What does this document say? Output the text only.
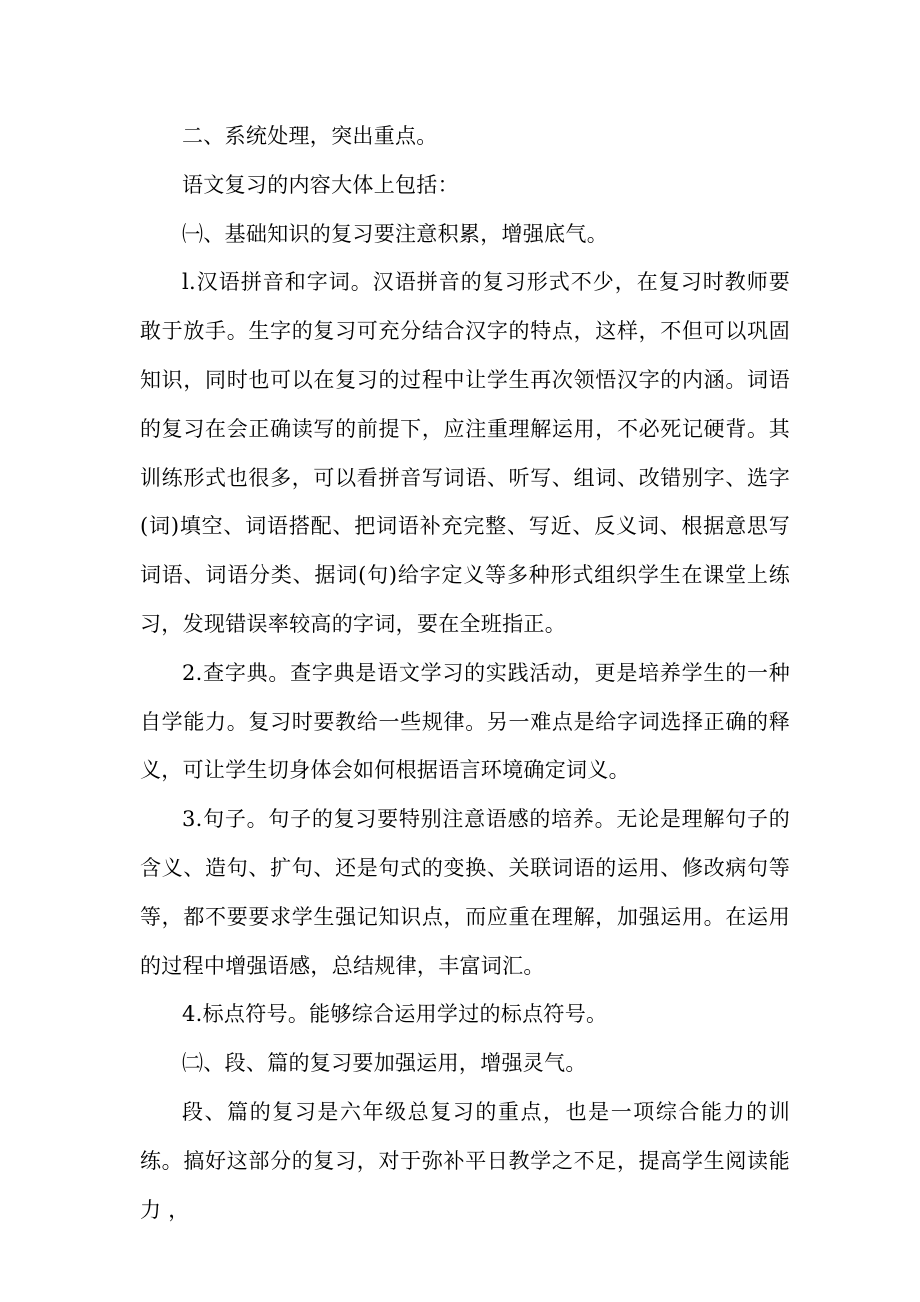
二、系统处理，突出重点。

语文复习的内容大体上包括：

㈠、基础知识的复习要注意积累，增强底气。

l.汉语拼音和字词。汉语拼音的复习形式不少，在复习时教师要敢于放手。生字的复习可充分结合汉字的特点，这样，不但可以巩固知识，同时也可以在复习的过程中让学生再次领悟汉字的内涵。词语的复习在会正确读写的前提下，应注重理解运用，不必死记硬背。其训练形式也很多，可以看拼音写词语、听写、组词、改错别字、选字(词)填空、词语搭配、把词语补充完整、写近、反义词、根据意思写词语、词语分类、据词(句)给字定义等多种形式组织学生在课堂上练习，发现错误率较高的字词，要在全班指正。

2.查字典。查字典是语文学习的实践活动，更是培养学生的一种自学能力。复习时要教给一些规律。另一难点是给字词选择正确的释义，可让学生切身体会如何根据语言环境确定词义。

3.句子。句子的复习要特别注意语感的培养。无论是理解句子的含义、造句、扩句、还是句式的变换、关联词语的运用、修改病句等等，都不要要求学生强记知识点，而应重在理解，加强运用。在运用的过程中增强语感，总结规律，丰富词汇。

4.标点符号。能够综合运用学过的标点符号。

㈡、段、篇的复习要加强运用，增强灵气。

段、篇的复习是六年级总复习的重点，也是一项综合能力的训练。搞好这部分的复习，对于弥补平日教学之不足，提高学生阅读能力 ，
